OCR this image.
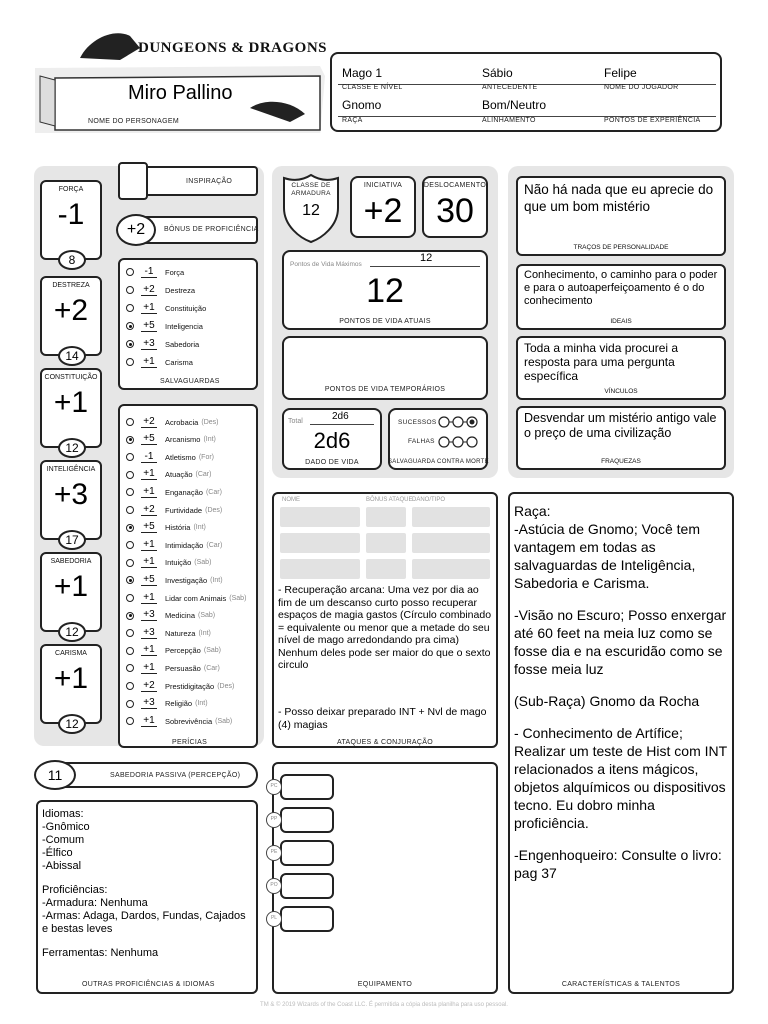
DUNGEONS & DRAGONS
Miro Pallino
NOME DO PERSONAGEM
Mago 1
CLASSE E NÍVEL
Sábio
ANTECEDENTE
Felipe
NOME DO JOGADOR
Gnomo
RAÇA
Bom/Neutro
ALINHAMENTO	PONTOS DE EXPERIÊNCIA
FORÇA
-1
8
DESTREZA
+2
14
CONSTITUIÇÃO
+1
12
INTELIGÊNCIA
+3
17
SABEDORIA
+1
12
CARISMA
+1
12
INSPIRAÇÃO
+2	BÔNUS DE PROFICIÊNCIA
-1	Força
+2	Destreza
+1	Constituição
+5	Inteligencia
+3	Sabedoria
+1	Carisma
SALVAGUARDAS
+2	Acrobacia (Des)
+5	Arcanismo (Int)
-1	Atletismo (For)
+1	Atuação (Car)
+1	Enganação (Car)
+2	Furtividade (Des)
+5	História (Int)
+1	Intimidação (Car)
+1	Intuição (Sab)
+5	Investigação (Int)
+1	Lidar com Animais (Sab)
+3	Medicina (Sab)
+3	Natureza (Int)
+1	Percepção (Sab)
+1	Persuasão (Car)
+2	Prestidigitação (Des)
+3	Religião (Int)
+1	Sobrevivência (Sab)
PERÍCIAS
11	SABEDORIA PASSIVA (PERCEPÇÃO)
Idiomas:
-Gnômico
-Comum
-Élfico
-Abissal
Proficiências:
-Armadura: Nenhuma
-Armas: Adaga, Dardos, Fundas, Cajados e bestas leves
Ferramentas: Nenhuma
OUTRAS PROFICIÊNCIAS & IDIOMAS
CLASSE DE ARMADURA
12
INICIATIVA
+2
DESLOCAMENTO
30
Pontos de Vida Máximos
12
12
PONTOS DE VIDA ATUAIS
PONTOS DE VIDA TEMPORÁRIOS
Total	2d6
2d6
DADO DE VIDA
SUCESSOS
FALHAS
SALVAGUARDA CONTRA MORTE
NOME	BÔNUS ATAQUE DANO/TIPO
- Recuperação arcana: Uma vez por dia ao fim de um descanso curto posso recuperar espaços de magia gastos (Círculo combinado = equivalente ou menor que a metade do seu nível de mago arredondando pra cima) Nenhum deles pode ser maior do que o sexto circulo
- Posso deixar preparado INT + Nvl de mago (4) magias
ATAQUES & CONJURAÇÃO
PC
PP
PE
PO
PL
EQUIPAMENTO
Não há nada que eu aprecie do que um bom mistério
TRAÇOS DE PERSONALIDADE
Conhecimento, o caminho para o poder e para o autoaperfeiçoamento é o do conhecimento
IDEAIS
Toda a minha vida procurei a resposta para uma pergunta específica
VÍNCULOS
Desvendar um mistério antigo vale o preço de uma civilização
FRAQUEZAS
Raça:
-Astúcia de Gnomo; Você tem vantagem em todas as salvaguardas de Inteligência, Sabedoria e Carisma.
-Visão no Escuro; Posso enxergar até 60 feet na meia luz como se fosse dia e na escuridão como se fosse meia luz
(Sub-Raça) Gnomo da Rocha
- Conhecimento de Artífice; Realizar um teste de Hist com INT relacionados a itens mágicos, objetos alquímicos ou dispositivos tecno. Eu dobro minha proficiência.
-Engenhoqueiro: Consulte o livro: pag 37
CARACTERÍSTICAS & TALENTOS
TM & © 2019 Wizards of the Coast LLC. É permitida a cópia desta planilha para uso pessoal.
